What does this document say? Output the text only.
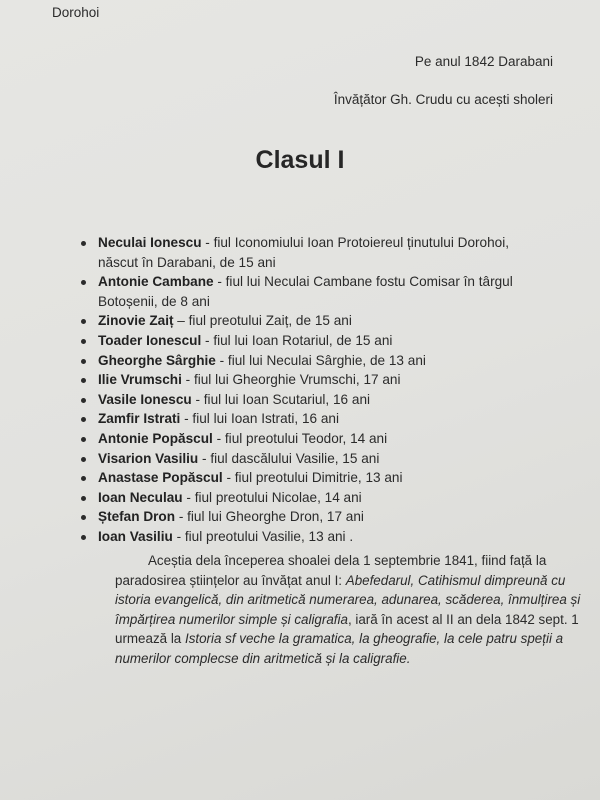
Dorohoi
Pe anul 1842 Darabani
Învățător Gh. Crudu cu acești sholeri
Clasul I
Neculai Ionescu - fiul Iconomiului Ioan Protoiereul ținutului Dorohoi,
născut în Darabani, de 15 ani
Antonie Cambane - fiul lui Neculai Cambane fostu Comisar în târgul
Botoșenii, de 8 ani
Zinovie Zaiț – fiul preotului Zaiț, de 15 ani
Toader Ionescul - fiul lui Ioan Rotariul, de 15 ani
Gheorghe Sârghie - fiul lui Neculai Sârghie, de 13 ani
Ilie Vrumschi - fiul lui Gheorghie Vrumschi, 17 ani
Vasile Ionescu - fiul lui Ioan Scutariul, 16 ani
Zamfir Istrati - fiul lui Ioan Istrati, 16 ani
Antonie Popăscul - fiul preotului Teodor, 14 ani
Visarion Vasiliu - fiul dascălului Vasilie, 15 ani
Anastase Popăscul - fiul preotului Dimitrie, 13 ani
Ioan Neculau - fiul preotului Nicolae, 14 ani
Ștefan Dron - fiul lui Gheorghe Dron, 17 ani
Ioan Vasiliu - fiul preotului Vasilie, 13 ani .
Aceștia dela începerea shoalei dela 1 septembrie 1841, fiind față la
paradosirea științelor au învățat anul I: Abefedarul, Catihismul dimpreună cu
istoria evangelică, din aritmetică numerarea, adunarea, scăderea, înmulțirea și
împărțirea numerilor simple și caligrafia, iară în acest al II an dela 1842 sept. 1
urmează la Istoria sf veche la gramatica, la gheografie, la cele patru speții a
numerilor complecse din aritmetică și la caligrafie.
